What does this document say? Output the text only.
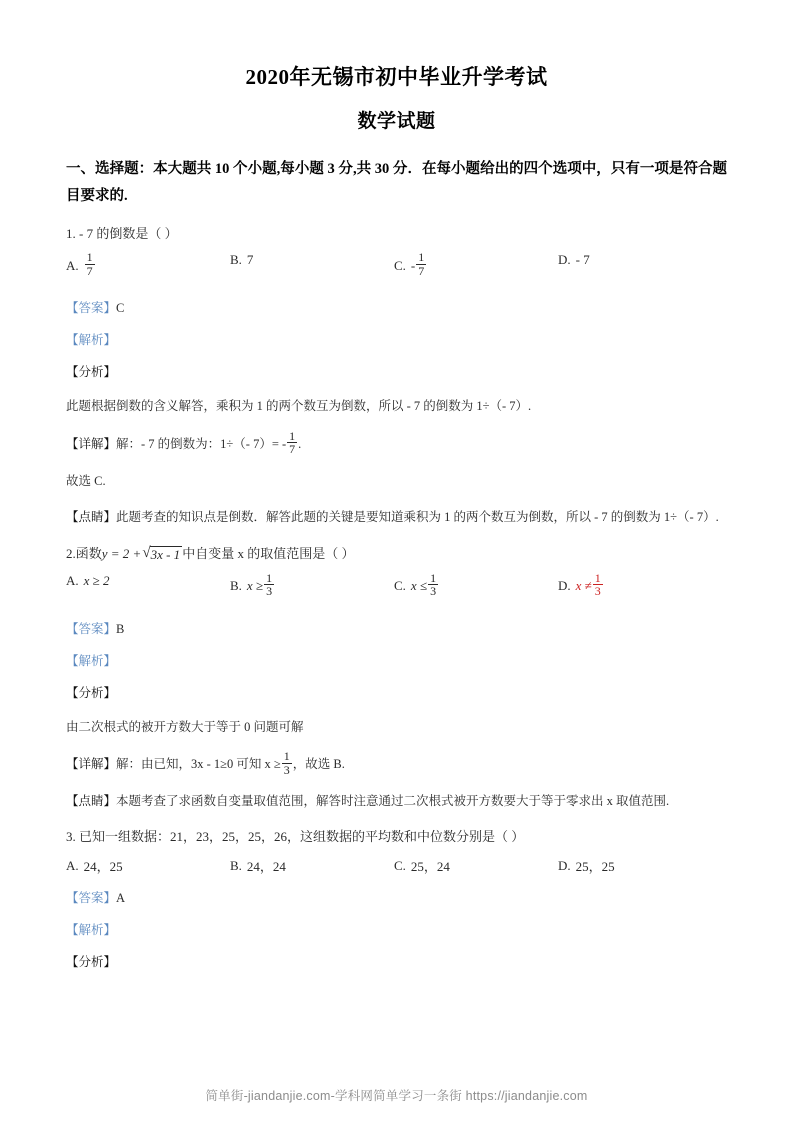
2020年无锡市初中毕业升学考试
数学试题

一、选择题：本大题共 10 个小题,每小题 3 分,共 30 分．在每小题给出的四个选项中，只有一项是符合题目要求的.

1. - 7 的倒数是（ ）
A. $\frac{1}{7}$	B. 7	C. - $\frac{1}{7}$	D. - 7
【答案】C
【解析】
【分析】
此题根据倒数的含义解答，乘积为 1 的两个数互为倒数，所以 - 7 的倒数为 1÷（- 7）.
【详解】 解：- 7 的倒数为：1÷（- $7)= - \frac{1}{7}$ .
故选 C.
【点睛】此题考查的知识点是倒数．解答此题的关键是要知道乘积为 1 的两个数互为倒数，所以 - 7 的倒数为 1÷（- 7）.
2. 函数 y = 2 + √ 3x - 1 中自变量 x 的取值范围是（ ）
A. x ≥ 2	B. $x \ge \frac{1}{3}$	C. $x \le \frac{1}{3}$	D. $x \ne \frac{1}{3}$
【答案】B
【解析】
【分析】
由二次根式的被开方数大于等于 0 问题可解
【详解】 解：由已知，3x - 1≥0 可知 $x \ge \frac{1}{3}$ ，故选 B.
【点睛】本题考查了求函数自变量取值范围，解答时注意通过二次根式被开方数要大于等于零求出 x 取值范围.
3. 已知一组数据：21，23，25，25，26，这组数据的平均数和中位数分别是（ ）
A. 24，25	B. 24，24	C. 25，24	D. 25，25
【答案】A
【解析】
【分析】
简单街-jiandanjie.com-学科网简单学习一条街 https://jiandanjie.com
